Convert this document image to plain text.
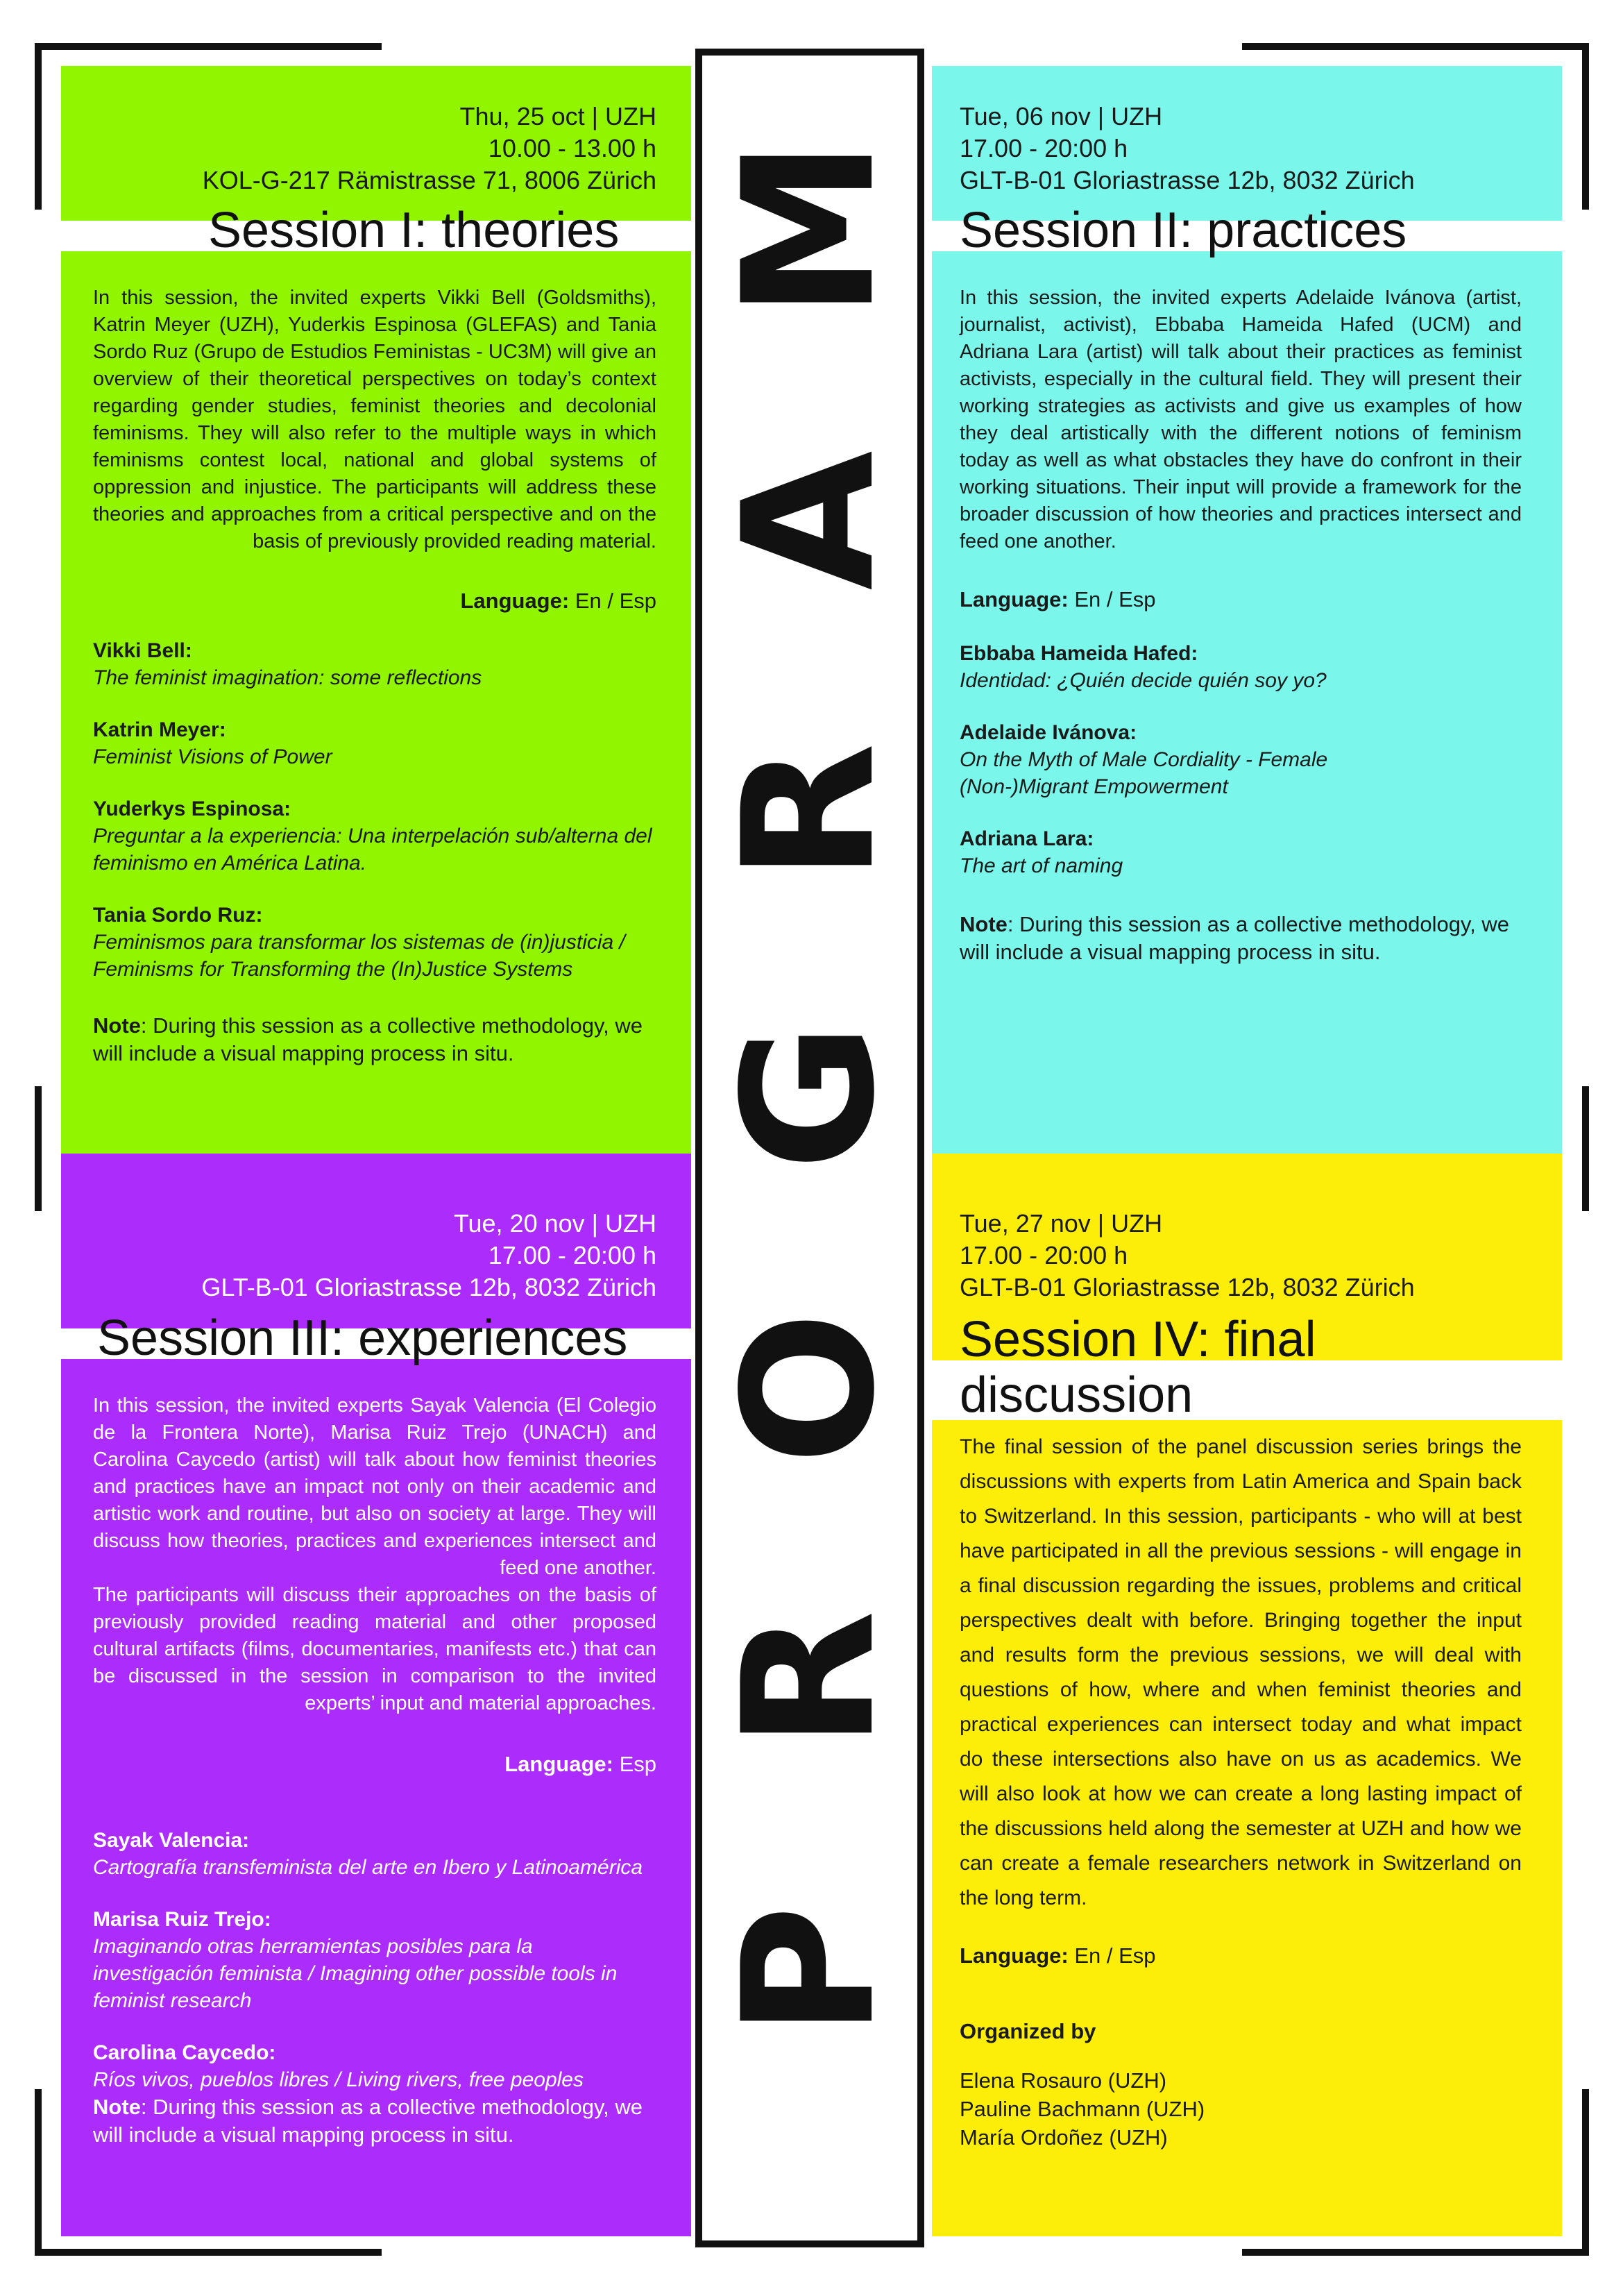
Thu, 25 oct | UZH
10.00 - 13.00 h
KOL-G-217 Rämistrasse 71, 8006 Zürich
Session I: theories

In this session, the invited experts Vikki Bell (Goldsmiths), Katrin Meyer (UZH), Yuderkis Espinosa (GLEFAS) and Tania Sordo Ruz (Grupo de Estudios Feministas - UC3M) will give an overview of their theoretical perspectives on today’s context regarding gender studies, feminist theories and decolonial feminisms. They will also refer to the multiple ways in which feminisms contest local, national and global systems of oppression and injustice. The participants will address these theories and approaches from a critical perspective and on the basis of previously provided reading material.

Language: En / Esp
Vikki Bell:
The feminist imagination: some reflections
Katrin Meyer:
Feminist Visions of Power
Yuderkys Espinosa:
Preguntar a la experiencia: Una interpelación sub/alterna del feminismo en América Latina.
Tania Sordo Ruz:
Feminismos para transformar los sistemas de (in)justicia / Feminisms for Transforming the (In)Justice Systems
Note: During this session as a collective methodology, we will include a visual mapping process in situ.
Tue, 06 nov | UZH
17.00 - 20:00 h
GLT-B-01 Gloriastrasse 12b, 8032 Zürich
Session II: practices

In this session, the invited experts Adelaide Ivánova (artist, journalist, activist), Ebbaba Hameida Hafed (UCM) and Adriana Lara (artist) will talk about their practices as feminist activists, especially in the cultural field. They will present their working strategies as activists and give us examples of how they deal artistically with the different notions of feminism today as well as what obstacles they have do confront in their working situations. Their input will provide a framework for the broader discussion of how theories and practices intersect and feed one another.

Language: En / Esp
Ebbaba Hameida Hafed:
Identidad: ¿Quién decide quién soy yo?
Adelaide Ivánova:
On the Myth of Male Cordiality - Female (Non-)Migrant Empowerment
Adriana Lara:
The art of naming
Note: During this session as a collective methodology, we will include a visual mapping process in situ.
Tue, 20 nov | UZH
17.00 - 20:00 h
GLT-B-01 Gloriastrasse 12b, 8032 Zürich
Session III: experiences

In this session, the invited experts Sayak Valencia (El Colegio de la Frontera Norte), Marisa Ruiz Trejo (UNACH) and Carolina Caycedo (artist) will talk about how feminist theories and practices have an impact not only on their academic and artistic work and routine, but also on society at large. They will discuss how theories, practices and experiences intersect and feed one another.

The participants will discuss their approaches on the basis of previously provided reading material and other proposed cultural artifacts (films, documentaries, manifests etc.) that can be discussed in the session in comparison to the invited experts’ input and material approaches.

Language: Esp
Sayak Valencia:
Cartografía transfeminista del arte en Ibero y Latinoamérica
Marisa Ruiz Trejo:
Imaginando otras herramientas posibles para la investigación feminista / Imagining other possible tools in feminist research
Carolina Caycedo:
Ríos vivos, pueblos libres / Living rivers, free peoples
Note: During this session as a collective methodology, we will include a visual mapping process in situ.
Tue, 27 nov | UZH
17.00 - 20:00 h
GLT-B-01 Gloriastrasse 12b, 8032 Zürich
Session IV: final discussion

The final session of the panel discussion series brings the discussions with experts from Latin America and Spain back to Switzerland. In this session, participants - who will at best have participated in all the previous sessions - will engage in a final discussion regarding the issues, problems and critical perspectives dealt with before. Bringing together the input and results form the previous sessions, we will deal with questions of how, where and when feminist theories and practical experiences can intersect today and what impact do these intersections also have on us as academics. We will also look at how we can create a long lasting impact of the discussions held along the semester at UZH and how we can create a female researchers network in Switzerland on the long term.

Language: En / Esp
Organized by
Elena Rosauro (UZH)
Pauline Bachmann (UZH)
María Ordoñez (UZH)
M
A
R
G
O
R
P
